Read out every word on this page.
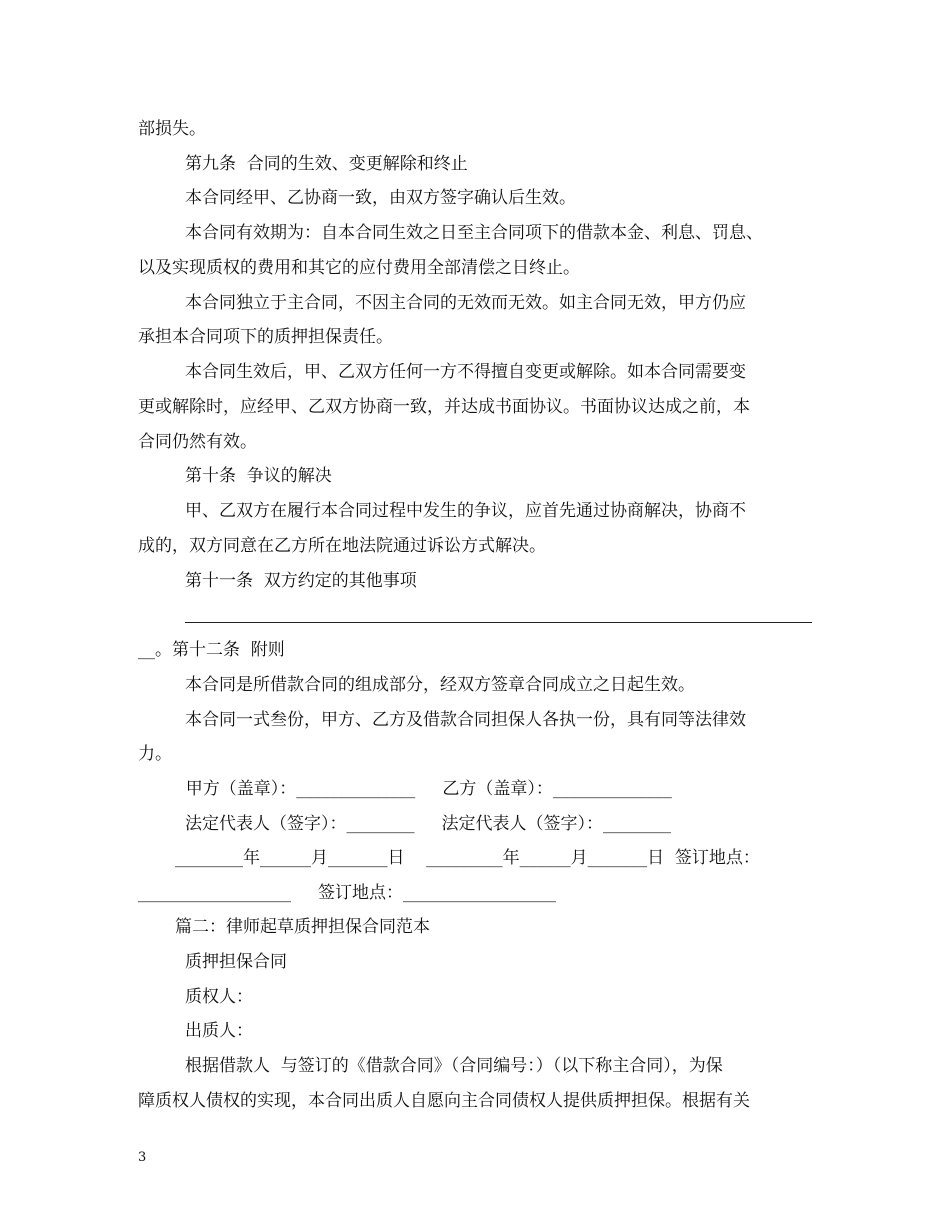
部损失。
第九条  合同的生效、变更解除和终止
本合同经甲、乙协商一致，由双方签字确认后生效。
本合同有效期为：自本合同生效之日至主合同项下的借款本金、利息、罚息、
以及实现质权的费用和其它的应付费用全部清偿之日终止。
本合同独立于主合同，不因主合同的无效而无效。如主合同无效，甲方仍应
承担本合同项下的质押担保责任。
本合同生效后，甲、乙双方任何一方不得擅自变更或解除。如本合同需要变
更或解除时，应经甲、乙双方协商一致，并达成书面协议。书面协议达成之前，本
合同仍然有效。
第十条  争议的解决
甲、乙双方在履行本合同过程中发生的争议，应首先通过协商解决，协商不
成的，双方同意在乙方所在地法院通过诉讼方式解决。
第十一条  双方约定的其他事项
__。第十二条  附则
本合同是所借款合同的组成部分，经双方签章合同成立之日起生效。
本合同一式叁份，甲方、乙方及借款合同担保人各执一份，具有同等法律效
力。
甲方（盖章）：______________     乙方（盖章）：______________
法定代表人（签字）：________     法定代表人（签字）：________
________年______月_______日    _________年______月_______日  签订地点：
__________________     签订地点：__________________
篇二：律师起草质押担保合同范本
质押担保合同
质权人：
出质人：
根据借款人  与签订的《借款合同》（合同编号：）（以下称主合同），为保
障质权人债权的实现，本合同出质人自愿向主合同债权人提供质押担保。根据有关
3
